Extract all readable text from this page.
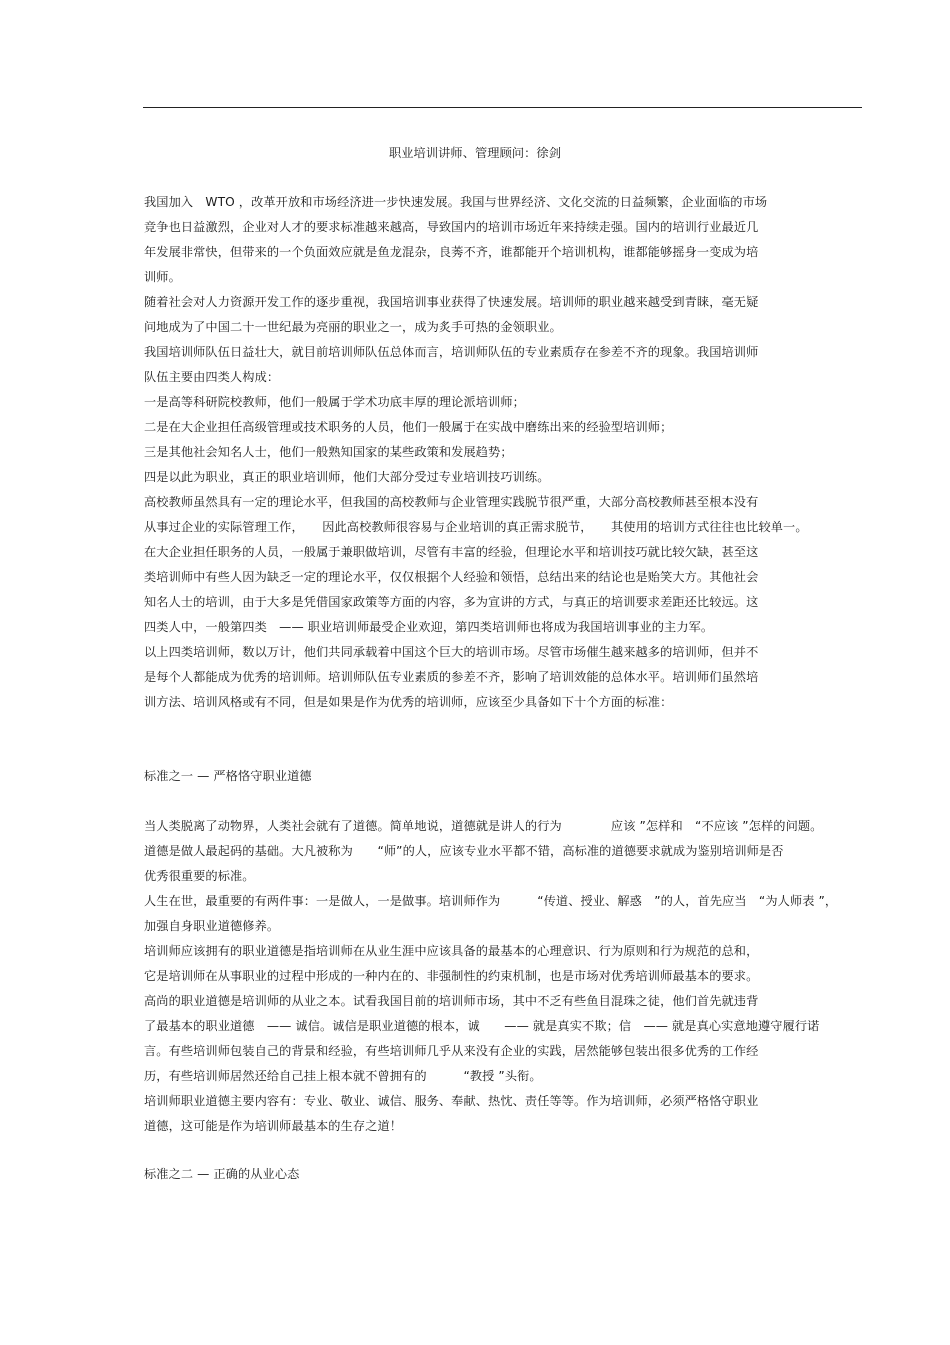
职业培训讲师、管理顾问：徐剑
我国加入　WTO ，改革开放和市场经济进一步快速发展。我国与世界经济、文化交流的日益频繁，企业面临的市场
竞争也日益激烈，企业对人才的要求标准越来越高，导致国内的培训市场近年来持续走强。国内的培训行业最近几
年发展非常快，但带来的一个负面效应就是鱼龙混杂，良莠不齐，谁都能开个培训机构，谁都能够摇身一变成为培
训师。
随着社会对人力资源开发工作的逐步重视，我国培训事业获得了快速发展。培训师的职业越来越受到青睐，毫无疑
问地成为了中国二十一世纪最为亮丽的职业之一，成为炙手可热的金领职业。
我国培训师队伍日益壮大，就目前培训师队伍总体而言，培训师队伍的专业素质存在参差不齐的现象。我国培训师
队伍主要由四类人构成：
一是高等科研院校教师，他们一般属于学术功底丰厚的理论派培训师；
二是在大企业担任高级管理或技术职务的人员，他们一般属于在实战中磨练出来的经验型培训师；
三是其他社会知名人士，他们一般熟知国家的某些政策和发展趋势；
四是以此为职业，真正的职业培训师，他们大部分受过专业培训技巧训练。
高校教师虽然具有一定的理论水平，但我国的高校教师与企业管理实践脱节很严重，大部分高校教师甚至根本没有
从事过企业的实际管理工作，　　因此高校教师很容易与企业培训的真正需求脱节，　　其使用的培训方式往往也比较单一。
在大企业担任职务的人员，一般属于兼职做培训，尽管有丰富的经验，但理论水平和培训技巧就比较欠缺，甚至这
类培训师中有些人因为缺乏一定的理论水平，仅仅根据个人经验和领悟，总结出来的结论也是贻笑大方。其他社会
知名人士的培训，由于大多是凭借国家政策等方面的内容，多为宣讲的方式，与真正的培训要求差距还比较远。这
四类人中，一般第四类　—— 职业培训师最受企业欢迎，第四类培训师也将成为我国培训事业的主力军。
以上四类培训师，数以万计，他们共同承载着中国这个巨大的培训市场。尽管市场催生越来越多的培训师，但并不
是每个人都能成为优秀的培训师。培训师队伍专业素质的参差不齐，影响了培训效能的总体水平。培训师们虽然培
训方法、培训风格或有不同，但是如果是作为优秀的培训师，应该至少具备如下十个方面的标准：
标准之一 — 严格恪守职业道德
当人类脱离了动物界，人类社会就有了道德。简单地说，道德就是讲人的行为　　　　应该 ”怎样和　“不应该 ”怎样的问题。
道德是做人最起码的基础。大凡被称为　　“师”的人，应该专业水平都不错，高标准的道德要求就成为鉴别培训师是否
优秀很重要的标准。
人生在世，最重要的有两件事：一是做人，一是做事。培训师作为　　　“传道、授业、解惑　”的人，首先应当　“为人师表 ”，
加强自身职业道德修养。
培训师应该拥有的职业道德是指培训师在从业生涯中应该具备的最基本的心理意识、行为原则和行为规范的总和，
它是培训师在从事职业的过程中形成的一种内在的、非强制性的约束机制，也是市场对优秀培训师最基本的要求。
高尚的职业道德是培训师的从业之本。试看我国目前的培训师市场，其中不乏有些鱼目混珠之徒，他们首先就违背
了最基本的职业道德　—— 诚信。诚信是职业道德的根本，诚　　—— 就是真实不欺；信　—— 就是真心实意地遵守履行诺
言。有些培训师包装自己的背景和经验，有些培训师几乎从来没有企业的实践，居然能够包装出很多优秀的工作经
历，有些培训师居然还给自己挂上根本就不曾拥有的　　　“教授 ”头衔。
培训师职业道德主要内容有：专业、敬业、诚信、服务、奉献、热忱、责任等等。作为培训师，必须严格恪守职业
道德，这可能是作为培训师最基本的生存之道！
标准之二 — 正确的从业心态
